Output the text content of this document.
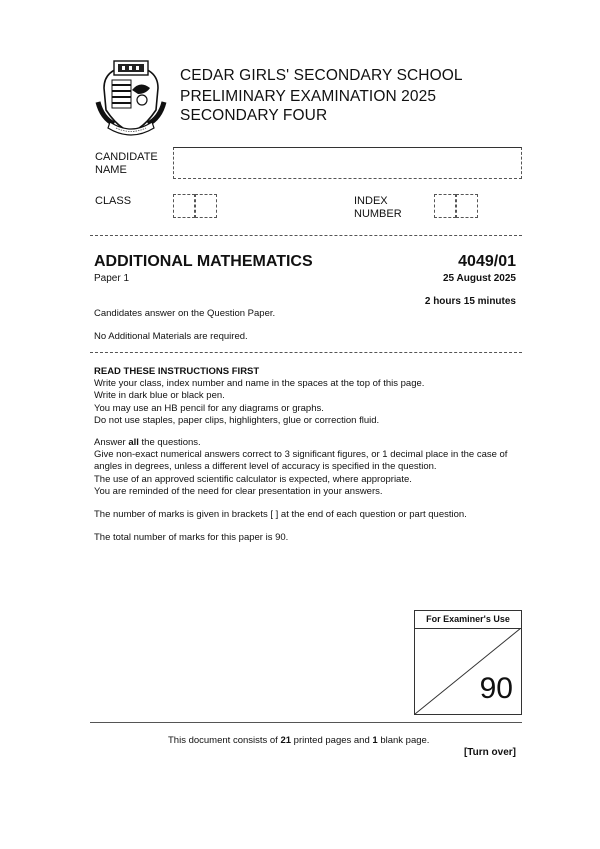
CEDAR GIRLS' SECONDARY SCHOOL
PRELIMINARY EXAMINATION 2025
SECONDARY FOUR
CANDIDATE
NAME
CLASS	INDEX
NUMBER
ADDITIONAL MATHEMATICS	4049/01
Paper 1	25 August 2025
2 hours 15 minutes
Candidates answer on the Question Paper.
No Additional Materials are required.
READ THESE INSTRUCTIONS FIRST
Write your class, index number and name in the spaces at the top of this page.
Write in dark blue or black pen.
You may use an HB pencil for any diagrams or graphs.
Do not use staples, paper clips, highlighters, glue or correction fluid.
Answer all the questions.
Give non-exact numerical answers correct to 3 significant figures, or 1 decimal place in the case of
angles in degrees, unless a different level of accuracy is specified in the question.
The use of an approved scientific calculator is expected, where appropriate.
You are reminded of the need for clear presentation in your answers.
The number of marks is given in brackets [ ] at the end of each question or part question.
The total number of marks for this paper is 90.
For Examiner's Use
90
This document consists of 21 printed pages and 1 blank page.
[Turn over]
